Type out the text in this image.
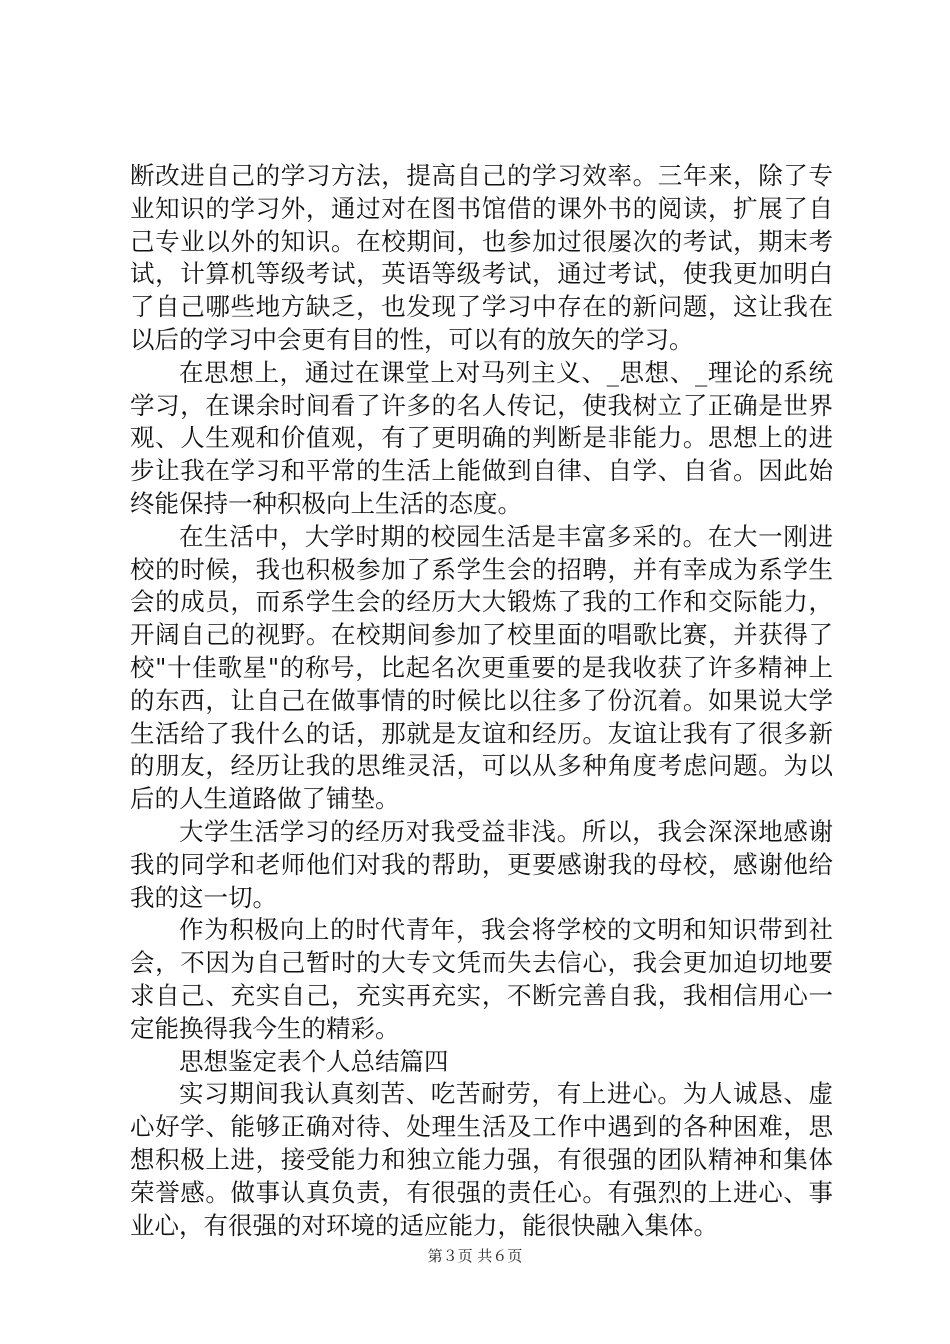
断改进自己的学习方法，提高自己的学习效率。三年来，除了专业知识的学习外，通过对在图书馆借的课外书的阅读，扩展了自己专业以外的知识。在校期间，也参加过很屡次的考试，期末考试，计算机等级考试，英语等级考试，通过考试，使我更加明白了自己哪些地方缺乏，也发现了学习中存在的新问题，这让我在以后的学习中会更有目的性，可以有的放矢的学习。

在思想上，通过在课堂上对马列主义、_思想、_理论的系统学习，在课余时间看了许多的名人传记，使我树立了正确是世界观、人生观和价值观，有了更明确的判断是非能力。思想上的进步让我在学习和平常的生活上能做到自律、自学、自省。因此始终能保持一种积极向上生活的态度。

在生活中，大学时期的校园生活是丰富多采的。在大一刚进校的时候，我也积极参加了系学生会的招聘，并有幸成为系学生会的成员，而系学生会的经历大大锻炼了我的工作和交际能力，开阔自己的视野。在校期间参加了校里面的唱歌比赛，并获得了校"十佳歌星"的称号，比起名次更重要的是我收获了许多精神上的东西，让自己在做事情的时候比以往多了份沉着。如果说大学生活给了我什么的话，那就是友谊和经历。友谊让我有了很多新的朋友，经历让我的思维灵活，可以从多种角度考虑问题。为以后的人生道路做了铺垫。

大学生活学习的经历对我受益非浅。所以，我会深深地感谢我的同学和老师他们对我的帮助，更要感谢我的母校，感谢他给我的这一切。

作为积极向上的时代青年，我会将学校的文明和知识带到社会，不因为自己暂时的大专文凭而失去信心，我会更加迫切地要求自己、充实自己，充实再充实，不断完善自我，我相信用心一定能换得我今生的精彩。

思想鉴定表个人总结篇四

实习期间我认真刻苦、吃苦耐劳，有上进心。为人诚恳、虚心好学、能够正确对待、处理生活及工作中遇到的各种困难，思想积极上进，接受能力和独立能力强，有很强的团队精神和集体荣誉感。做事认真负责，有很强的责任心。有强烈的上进心、事业心，有很强的对环境的适应能力，能很快融入集体。

第３页 共６页
